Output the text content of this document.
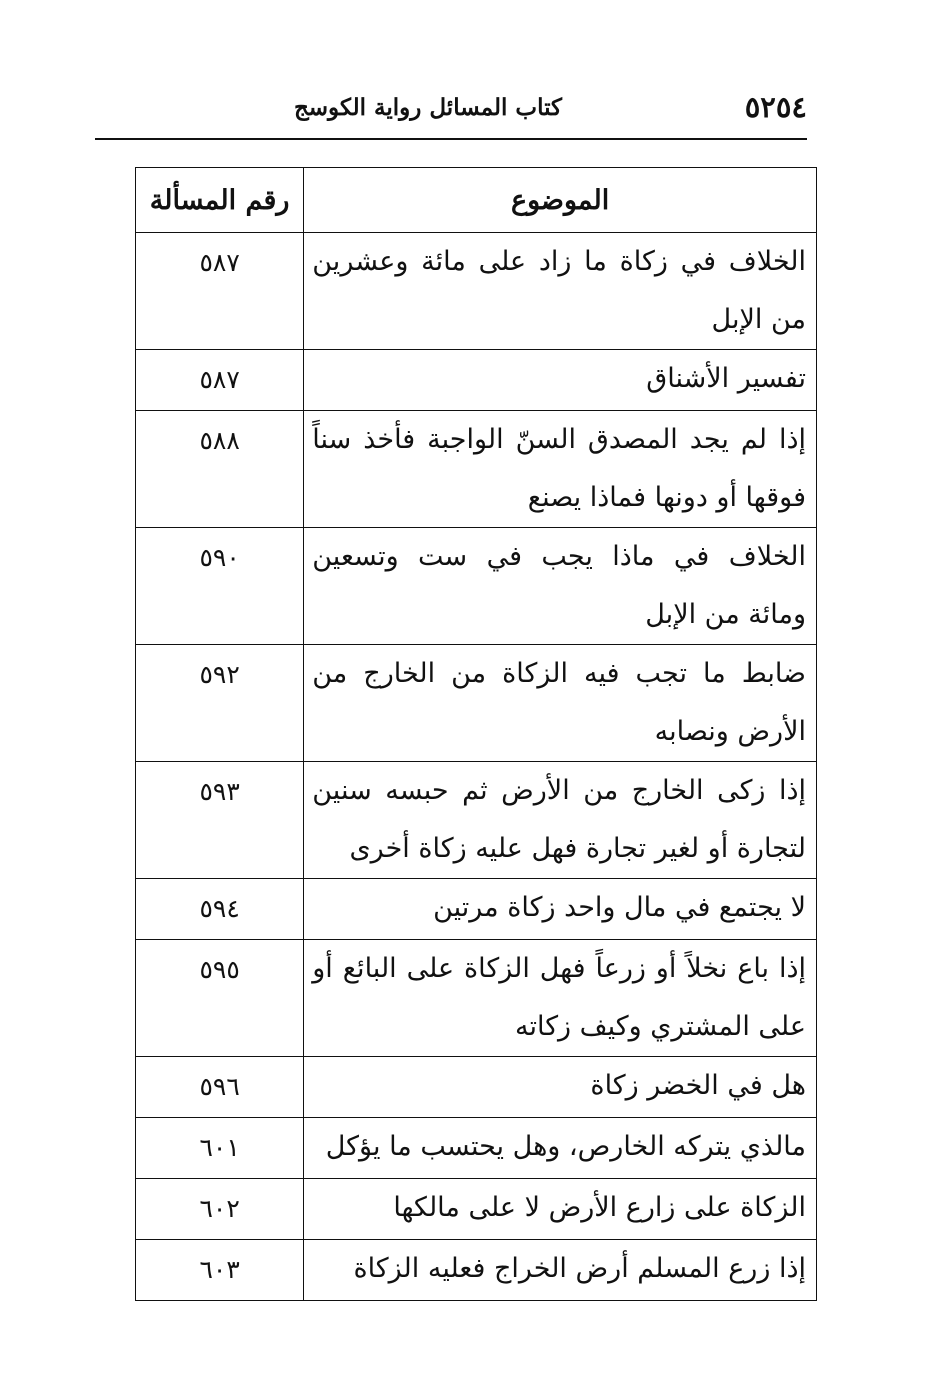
٥٢٥٤
كتاب المسائل رواية الكوسج
الموضوع	رقم المسألة
الخلاف في زكاة ما زاد على مائة وعشرين من الإبل	٥٨٧
تفسير الأشناق	٥٨٧
إذا لم يجد المصدق السنّ الواجبة فأخذ سناً فوقها أو دونها فماذا يصنع	٥٨٨
الخلاف في ماذا يجب في ست وتسعين ومائة من الإبل	٥٩٠
ضابط ما تجب فيه الزكاة من الخارج من الأرض ونصابه	٥٩٢
إذا زكى الخارج من الأرض ثم حبسه سنين لتجارة أو لغير تجارة فهل عليه زكاة أخرى	٥٩٣
لا يجتمع في مال واحد زكاة مرتين	٥٩٤
إذا باع نخلاً أو زرعاً فهل الزكاة على البائع أو على المشتري وكيف زكاته	٥٩٥
هل في الخضر زكاة	٥٩٦
مالذي يتركه الخارص، وهل يحتسب ما يؤكل	٦٠١
الزكاة على زارع الأرض لا على مالكها	٦٠٢
إذا زرع المسلم أرض الخراج فعليه الزكاة	٦٠٣
